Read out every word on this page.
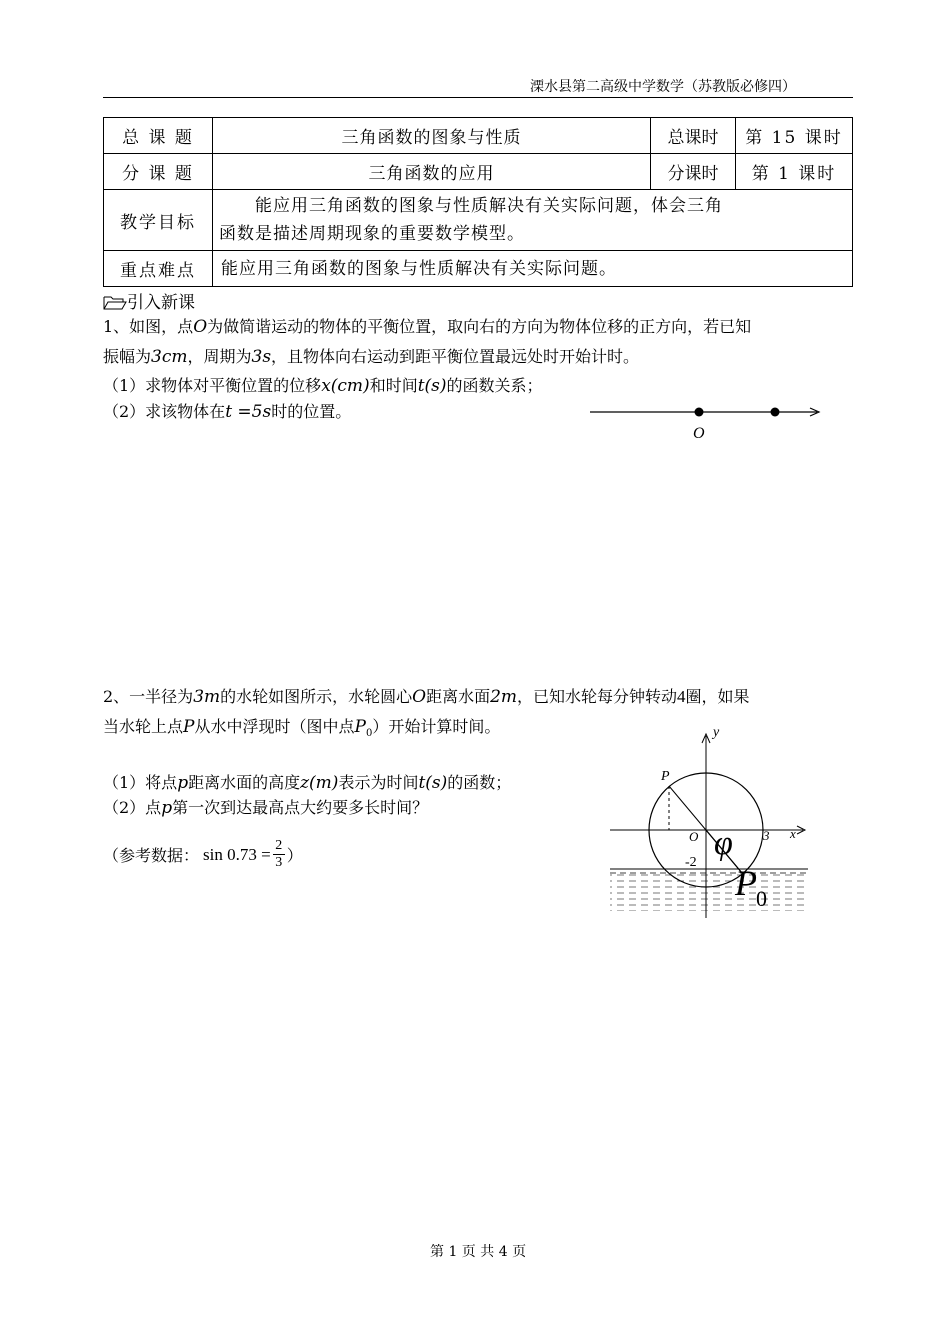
溧水县第二高级中学数学（苏教版必修四）
总 课 题	三角函数的图象与性质	总课时	第 15 课时
分 课 题	三角函数的应用	分课时	第 1 课时
教学目标	　　能应用三角函数的图象与性质解决有关实际问题，体会三角
函数是描述周期现象的重要数学模型。		

重点难点	能应用三角函数的图象与性质解决有关实际问题。		
引入新课
1、如图，点O为做简谐运动的物体的平衡位置，取向右的方向为物体位移的正方向，若已知
振幅为3cm，周期为3s，且物体向右运动到距平衡位置最远处时开始计时。
（1）求物体对平衡位置的位移x(cm)和时间t(s)的函数关系；
（2）求该物体在t =5s时的位置。
O
2、一半径为3m的水轮如图所示，水轮圆心O距离水面2m，已知水轮每分钟转动4圈，如果
当水轮上点P从水中浮现时（图中点$P_0$）开始计算时间。
（1）将点p距离水面的高度z(m)表示为时间t(s)的函数；
（2）点p第一次到达最高点大约要多长时间？
（参考数据： sin 0.73 = 2
3 ）
y
x
P
O	3
-2
φ
P 0
第 1 页 共 4 页
